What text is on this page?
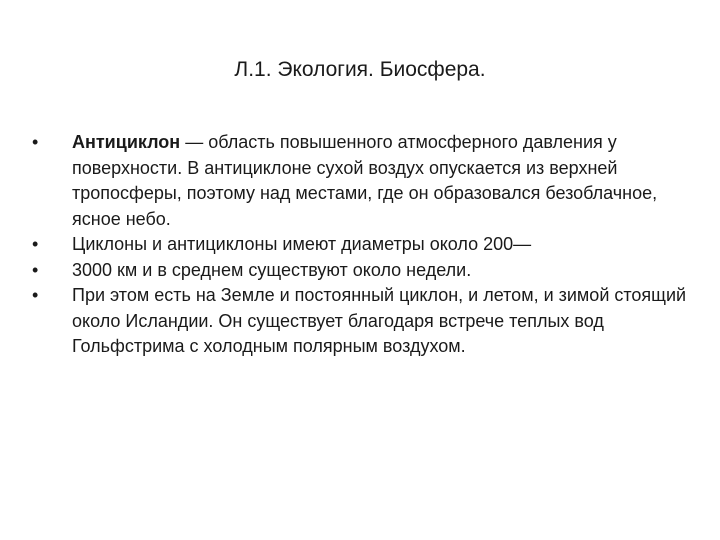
Л.1. Экология. Биосфера.
•	Антициклон — область повышенного атмосферного давления у поверхности. В антициклоне сухой воздух опускается из верхней тропосферы, поэтому над местами, где он образовался безоблачное, ясное небо.
•	Циклоны и антициклоны имеют диаметры около 200—
•	3000 км и в среднем существуют около недели.
•	При этом есть на Земле и постоянный циклон, и летом, и зимой стоящий около Исландии. Он существует благодаря встрече теплых вод Гольфстрима с холодным полярным воздухом.
